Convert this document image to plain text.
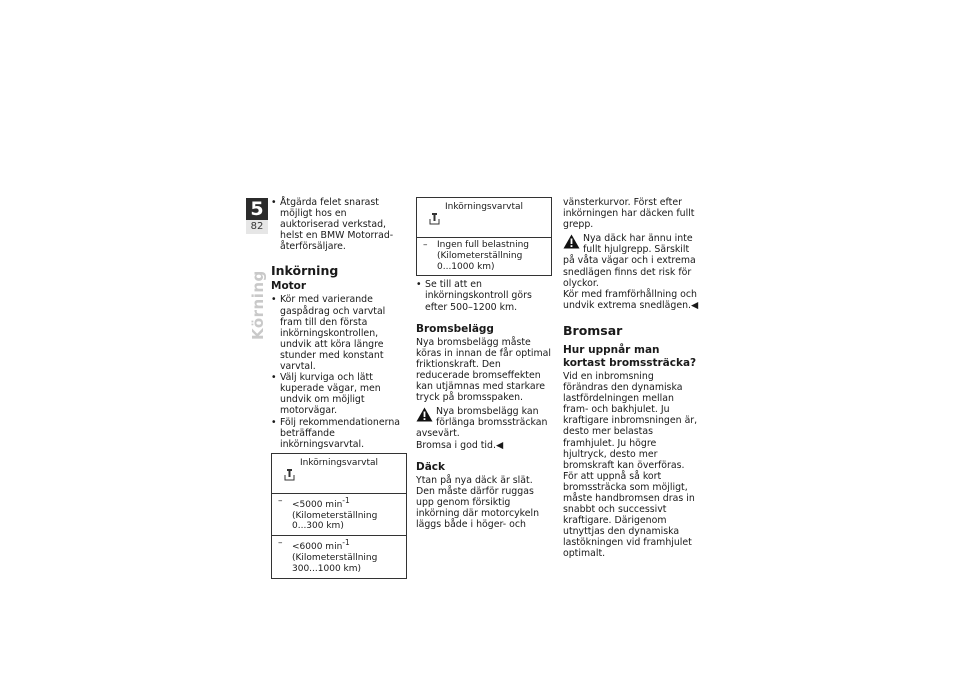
5
82
Körning
• Åtgärda felet snarast möjligt hos en auktoriserad verkstad, helst en BMW Motorrad-återförsäljare.
Inkörning
Motor
• Kör med varierande gaspådrag och varvtal fram till den första inkörningskontrollen, undvik att köra längre stunder med konstant varvtal.
• Välj kurviga och lätt kuperade vägar, men undvik om möjligt motorvägar.
• Följ rekommendationerna beträffande inkörningsvarvtal.
Inkörningsvarvtal
– <5000 $\min^{-1}$ (Kilometerställning 0...300 km)
– <6000 $\min^{-1}$ (Kilometerställning 300...1000 km)
Inkörningsvarvtal
– Ingen full belastning (Kilometerställning 0...1000 km)
• Se till att en inkörningskontroll görs efter 500–1200 km.
Bromsbelägg

Nya bromsbelägg måste köras in innan de får optimal friktionskraft. Den reducerade bromseffekten kan utjämnas med starkare tryck på bromsspaken.

Nya bromsbelägg kan förlänga bromssträckan avsevärt.

Bromsa i god tid.◀

Däck

Ytan på nya däck är slät. Den måste därför ruggas upp genom försiktig inkörning där motorcykeln läggs både i höger- och

vänsterkurvor. Först efter inkörningen har däcken fullt grepp.

Nya däck har ännu inte fullt hjulgrepp. Särskilt på våta vägar och i extrema snedlägen finns det risk för olyckor.

Kör med framförhållning och undvik extrema snedlägen.◀

Bromsar
Hur uppnår man kortast bromssträcka?

Vid en inbromsning förändras den dynamiska lastfördelningen mellan fram- och bakhjulet. Ju kraftigare inbromsningen är, desto mer belastas framhjulet. Ju högre hjultryck, desto mer bromskraft kan överföras.

För att uppnå så kort bromssträcka som möjligt, måste handbromsen dras in snabbt och successivt kraftigare. Därigenom utnyttjas den dynamiska lastökningen vid framhjulet optimalt.
